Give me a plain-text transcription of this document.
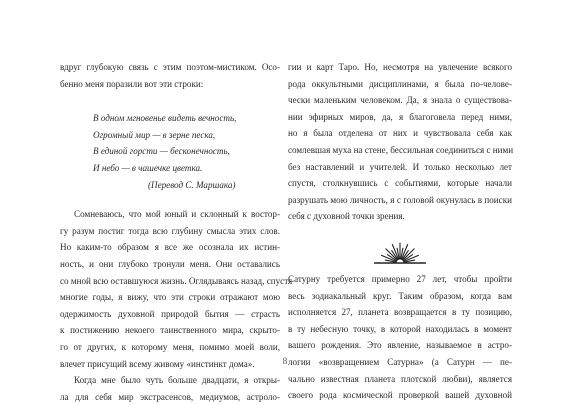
вдруг глубокую связь с этим поэтом-мистиком. Осо-
бенно меня поразили вот эти строки:
В одном мгновенье видеть вечность,
Огромный мир — в зерне песка,
В единой горсти — бесконечность,
И небо — в чашечке цветка.
(Перевод С. Маршака)
Сомневаюсь, что мой юный и склонный к востор-
гу разум постиг тогда всю глубину смысла этих слов.
Но каким-то образом я все же осознала их истин-
ность, и они глубоко тронули меня. Они оставались
со мной всю оставшуюся жизнь. Оглядываясь назад, спустя
многие годы, я вижу, что эти строки отражают мою
одержимость духовной природой бытия — страсть
к постижению некоего таинственного мира, скрыто-
го от других, к которому меня, помимо моей воли,
влечет присущий всему живому «инстинкт дома».
Когда мне было чуть больше двадцати, я откры-
ла для себя мир экстрасенсов, медиумов, астроло-
гии и карт Таро. Но, несмотря на увлечение всякого
рода оккультными дисциплинами, я была по-челове-
чески маленьким человеком. Да, я знала о существова-
нии эфирных миров, да, я благоговела перед ними,
но я была отделена от них и чувствовала себя как
сомлевшая муха на стене, бессильная соединиться с ними
без наставлений и учителей. И только несколько лет
спустя, столкнувшись с событиями, которые начали
разрушать мою личность, я с головой окунулась в поиски
себя с духовной точки зрения.
Сатурну требуется примерно 27 лет, чтобы пройти
весь зодиакальный круг. Таким образом, когда вам
исполняется 27, планета возвращается в ту позицию,
в ту небесную точку, в которой находилась в момент
вашего рождения. Это явление, называемое в астро-
логии «возвращением Сатурна» (а Сатурн — пе-
чально известная планета плотской любви), является
своего рода космической проверкой вашей духовной
8
